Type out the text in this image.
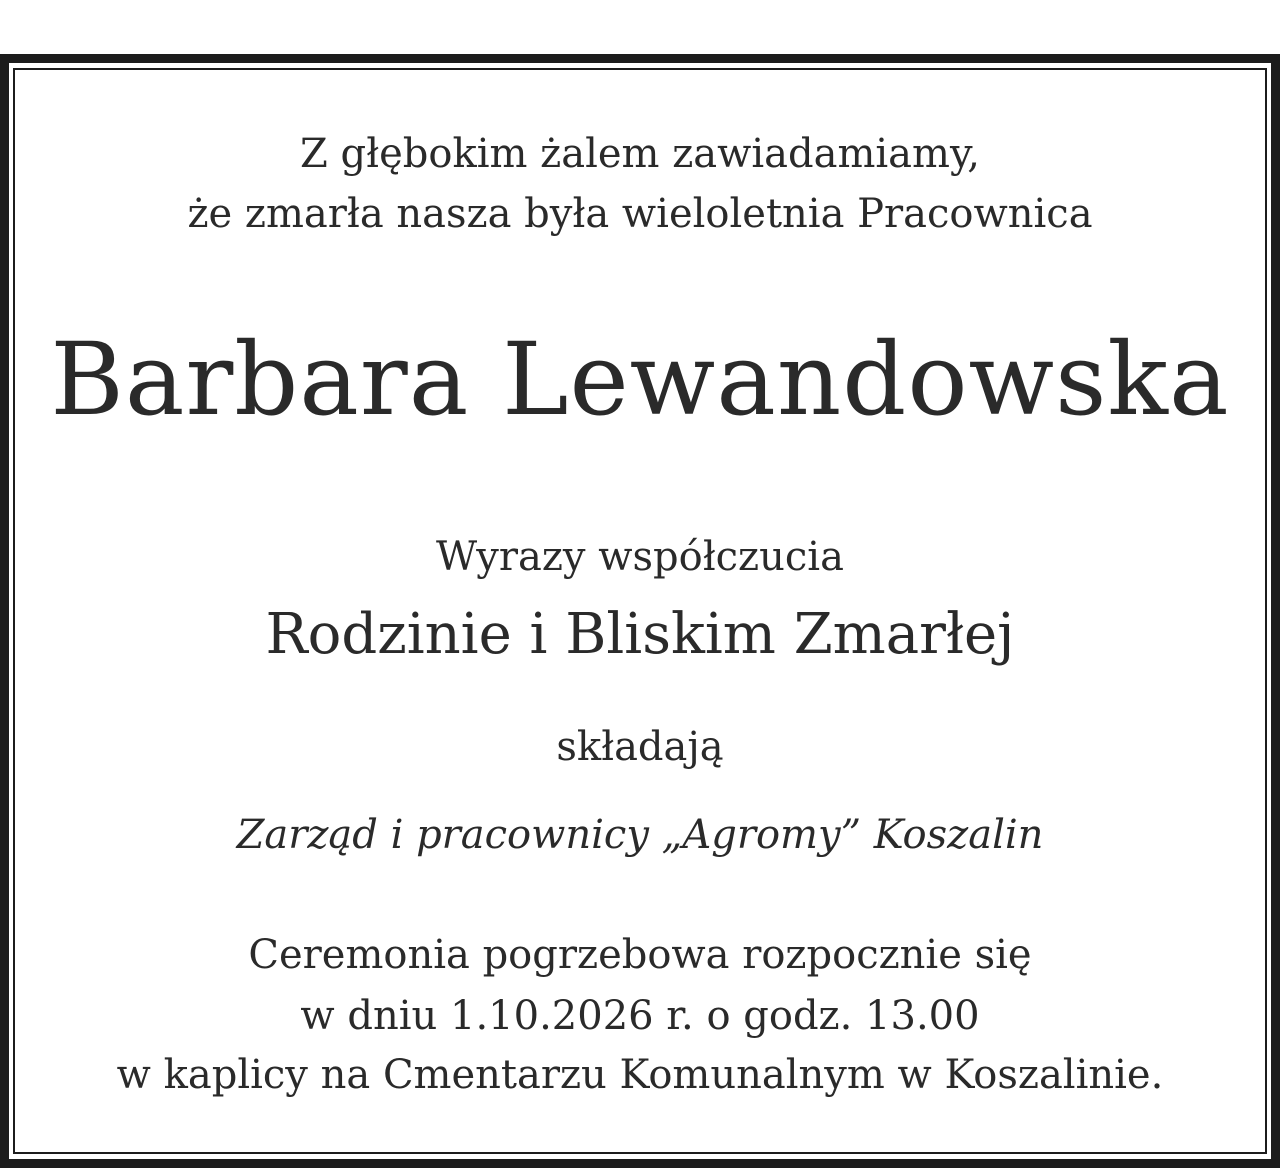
Z głębokim żalem zawiadamiamy,
że zmarła nasza była wieloletnia Pracownica
Barbara Lewandowska
Wyrazy współczucia
Rodzinie i Bliskim Zmarłej
składają
Zarząd i pracownicy „Agromy” Koszalin
Ceremonia pogrzebowa rozpocznie się
w dniu 1.10.2026 r. o godz. 13.00
w kaplicy na Cmentarzu Komunalnym w Koszalinie.
